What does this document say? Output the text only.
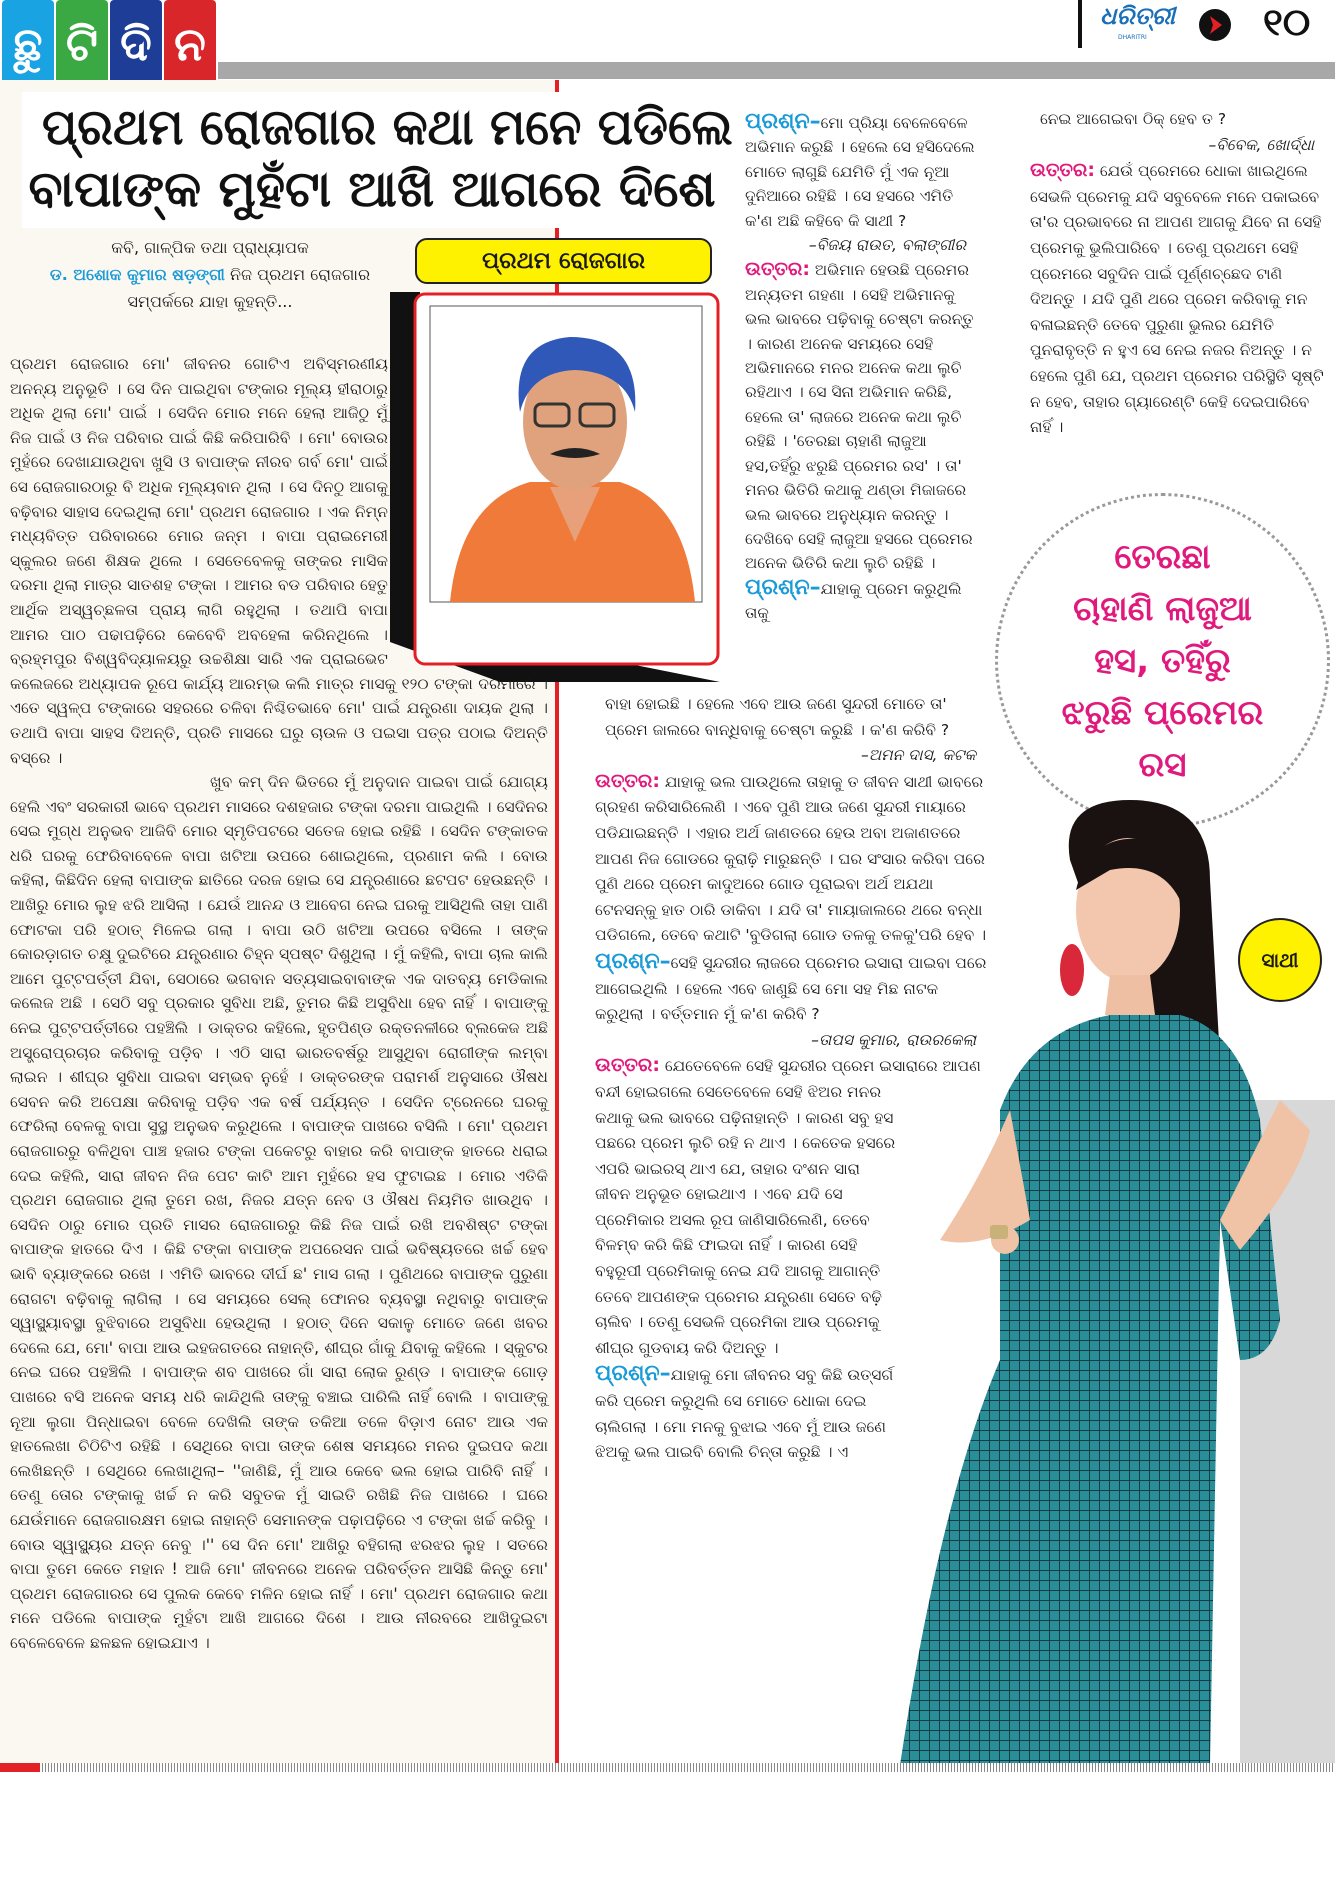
ଛୁ ଟି ଦି ନ
ଧରିତ୍ରୀ
DHARITRI	୧୦
ପ୍ରଥମ ରୋଜଗାର କଥା ମନେ ପଡିଲେ
ବାପାଙ୍କ ମୁହଁଟା ଆଖି ଆଗରେ ଦିଶେ
କବି, ଗାଳ୍ପିକ ତଥା ପ୍ରାଧ୍ୟାପକ
ଡ. ଅଶୋକ କୁମାର ଷଡ଼ଙ୍ଗୀ ନିଜ ପ୍ରଥମ ରୋଜଗାର ସମ୍ପର୍କରେ ଯାହା କୁହନ୍ତି...
ପ୍ରଥମ ରୋଜଗାର

ପ୍ରଥମ ରୋଜଗାର ମୋ' ଜୀବନର ଗୋଟିଏ ଅବିସ୍ମରଣୀୟ ଅନନ୍ୟ ଅନୁଭୂତି । ସେ ଦିନ ପାଇଥିବା ଟଙ୍କାର ମୂଲ୍ୟ ହୀରାଠାରୁ ଅଧିକ ଥିଲା ମୋ' ପାଇଁ । ସେଦିନ ମୋର ମନେ ହେଲା ଆଜିଠୁ ମୁଁ ନିଜ ପାଇଁ ଓ ନିଜ ପରିବାର ପାଇଁ କିଛି କରିପାରିବି । ମୋ' ବୋଉର ମୁହଁରେ ଦେଖାଯାଉଥିବା ଖୁସି ଓ ବାପାଙ୍କ ନୀରବ ଗର୍ବ ମୋ' ପାଇଁ ସେ ରୋଜଗାରଠାରୁ ବି ଅଧିକ ମୂଲ୍ୟବାନ ଥିଲା । ସେ ଦିନଠୁ ଆଗକୁ ବଢ଼ିବାର ସାହାସ ଦେଇଥିଲା ମୋ' ପ୍ରଥମ ରୋଜଗାର । ଏକ ନିମ୍ନ ମଧ୍ୟବିତ୍ତ ପରିବାରରେ ମୋର ଜନ୍ମ । ବାପା ପ୍ରାଇମେରୀ ସ୍କୁଲର ଜଣେ ଶିକ୍ଷକ ଥିଲେ । ସେତେବେଳକୁ ତାଙ୍କର ମାସିକ ଦରମା ଥିଲା ମାତ୍ର ସାତଶହ ଟଙ୍କା । ଆମର ବଡ ପରିବାର ହେତୁ ଆର୍ଥିକ ଅସ୍ୱଚ୍ଛଳତା ପ୍ରାୟ ଲାଗି ରହୁଥିଲା । ତଥାପି ବାପା ଆମର ପାଠ ପଢାପଢ଼ିରେ କେବେବି ଅବହେଳା କରିନଥିଲେ । ବ୍ରହ୍ମପୁର ବିଶ୍ୱବିଦ୍ୟାଳୟରୁ ଉଚ୍ଚଶିକ୍ଷା ସାରି ଏକ ପ୍ରାଇଭେଟ କଲେଜରେ ଅଧ୍ୟାପକ ରୂପେ କାର୍ଯ୍ୟ ଆରମ୍ଭ କଲି ମାତ୍ର ମାସକୁ ୧୨୦ ଟଙ୍କା ଦରମାରେ । ଏତେ ସ୍ୱଳ୍ପ ଟଙ୍କାରେ ସହରରେ ଚଳିବା ନିଶ୍ଚିତଭାବେ ମୋ' ପାଇଁ ଯନ୍ତ୍ରଣା ଦାୟକ ଥିଲା । ତଥାପି ବାପା ସାହସ ଦିଅନ୍ତି, ପ୍ରତି ମାସରେ ଘରୁ ଚାଉଳ ଓ ପଇସା ପତ୍ର ପଠାଇ ଦିଅନ୍ତି ବସ୍‌ରେ ।

ଖୁବ କମ୍ ଦିନ ଭିତରେ ମୁଁ ଅନୁଦାନ ପାଇବା ପାଇଁ ଯୋଗ୍ୟ ହେଲି ଏବଂ ସରକାରୀ ଭାବେ ପ୍ରଥମ ମାସରେ ଦଶହଜାର ଟଙ୍କା ଦରମା ପାଇଥିଲି । ସେଦିନର ସେଇ ମୁଗ୍ଧ ଅନୁଭବ ଆଜିବି ମୋର ସ୍ମୃତିପଟରେ ସତେଜ ହୋଇ ରହିଛି । ସେଦିନ ଟଙ୍କାତକ ଧରି ଘରକୁ ଫେରିବାବେଳେ ବାପା ଖଟିଆ ଉପରେ ଶୋଇଥିଲେ, ପ୍ରଣାମ କଲି । ବୋଉ କହିଲା, କିଛିଦିନ ହେଲା ବାପାଙ୍କ ଛାତିରେ ଦରଜ ହୋଇ ସେ ଯନ୍ତ୍ରଣାରେ ଛଟପଟ ହେଉଛନ୍ତି । ଆଖିରୁ ମୋର ଲୁହ ଝରି ଆସିଲା । ଯେଉଁ ଆନନ୍ଦ ଓ ଆବେଗ ନେଇ ଘରକୁ ଆସିଥିଲି ତାହା ପାଣି ଫୋଟକା ପରି ହଠାତ୍ ମିଳେଇ ଗଲା । ବାପା ଉଠି ଖଟିଆ ଉପରେ ବସିଲେ । ତାଙ୍କ କୋରଡ଼ାଗତ ଚକ୍ଷୁ ଦୁଇଟିରେ ଯନ୍ତ୍ରଣାର ଚିହ୍ନ ସ୍ପଷ୍ଟ ଦିଶୁଥିଲା । ମୁଁ କହିଲି, ବାପା ଚାଲ କାଲି ଆମେ ପୁଟ୍ଟପର୍ତ୍ତୀ ଯିବା, ସେଠାରେ ଭଗବାନ ସତ୍ୟସାଇବାବାଙ୍କ ଏକ ଦାତବ୍ୟ ମେଡିକାଲ କଲେଜ ଅଛି । ସେଠି ସବୁ ପ୍ରକାର ସୁବିଧା ଅଛି, ତୁମର କିଛି ଅସୁବିଧା ହେବ ନାହିଁ । ବାପାଙ୍କୁ ନେଇ ପୁଟ୍ଟପର୍ତ୍ତୀରେ ପହଞ୍ଚିଲି । ଡାକ୍ତର କହିଲେ, ହୃତପିଣ୍ଡ ରକ୍ତନଳୀରେ ବ୍ଲକେଜ ଅଛି ଅସ୍ତ୍ରୋପ୍ରଚାର କରିବାକୁ ପଡ଼ିବ । ଏଠି ସାରା ଭାରତବର୍ଷରୁ ଆସୁଥିବା ରୋଗୀଙ୍କ ଲମ୍ବା ଲାଇନ । ଶୀଘ୍ର ସୁବିଧା ପାଇବା ସମ୍ଭବ ନୁହେଁ । ଡାକ୍ତରଙ୍କ ପରାମର୍ଶ ଅନୁସାରେ ଔଷଧ ସେବନ କରି ଅପେକ୍ଷା କରିବାକୁ ପଡ଼ିବ ଏକ ବର୍ଷ ପର୍ଯ୍ୟନ୍ତ । ସେଦିନ ଟ୍ରେନରେ ଘରକୁ ଫେରିଲା ବେଳକୁ ବାପା ସୁସ୍ଥ ଅନୁଭବ କରୁଥିଲେ । ବାପାଙ୍କ ପାଖରେ ବସିଲି । ମୋ' ପ୍ରଥମ ରୋଜଗାରରୁ ବଳିଥିବା ପାଞ୍ଚ ହଜାର ଟଙ୍କା ପକେଟରୁ ବାହାର କରି ବାପାଙ୍କ ହାତରେ ଧରାଇ ଦେଇ କହିଲି, ସାରା ଜୀବନ ନିଜ ପେଟ କାଟି ଆମ ମୁହଁରେ ହସ ଫୁଟାଇଛ । ମୋର ଏତିକି ପ୍ରଥମ ରୋଜଗାର ଥିଲା ତୁମେ ରଖ, ନିଜର ଯତ୍ନ ନେବ ଓ ଔଷଧ ନିୟମିତ ଖାଉଥିବ । ସେଦିନ ଠାରୁ ମୋର ପ୍ରତି ମାସର ରୋଜଗାରରୁ କିଛି ନିଜ ପାଇଁ ରଖି ଅବଶିଷ୍ଟ ଟଙ୍କା ବାପାଙ୍କ ହାତରେ ଦିଏ । କିଛି ଟଙ୍କା ବାପାଙ୍କ ଅପରେସନ ପାଇଁ ଭବିଷ୍ୟତରେ ଖର୍ଚ୍ଚ ହେବ ଭାବି ବ୍ୟାଙ୍କରେ ରଖେ । ଏମିତି ଭାବରେ ଦୀର୍ଘ ଛ' ମାସ ଗଲା । ପୁଣିଥରେ ବାପାଙ୍କ ପୁରୁଣା ରୋଗଟା ବଢ଼ିବାକୁ ଲାଗିଲା । ସେ ସମୟରେ ସେଲ୍ ଫୋନର ବ୍ୟବସ୍ଥା ନଥିବାରୁ ବାପାଙ୍କ ସ୍ୱାସ୍ଥ୍ୟାବସ୍ଥା ବୁଝିବାରେ ଅସୁବିଧା ହେଉଥିଲା । ହଠାତ୍ ଦିନେ ସକାଳୁ ମୋତେ ଜଣେ ଖବର ଦେଲେ ଯେ, ମୋ' ବାପା ଆଉ ଇହଜଗତରେ ନାହାନ୍ତି, ଶୀଘ୍ର ଗାଁକୁ ଯିବାକୁ କହିଲେ । ସ୍କୁଟର ନେଇ ଘରେ ପହଞ୍ଚିଲି । ବାପାଙ୍କ ଶବ ପାଖରେ ଗାଁ ସାରା ଲୋକ ରୁଣ୍ଡ । ବାପାଙ୍କ ଗୋଡ଼ ପାଖରେ ବସି ଅନେକ ସମୟ ଧରି କାନ୍ଦିଥିଲି ତାଙ୍କୁ ବଞ୍ଚାଇ ପାରିଲି ନାହିଁ ବୋଲି । ବାପାଙ୍କୁ ନୂଆ ଲୁଗା ପିନ୍ଧାଇବା ବେଳେ ଦେଖିଲି ତାଙ୍କ ତକିଆ ତଳେ ବିଡ଼ାଏ ନୋଟ ଆଉ ଏକ ହାତଲେଖା ଚିଠିଟିଏ ରହିଛି । ସେଥିରେ ବାପା ତାଙ୍କ ଶେଷ ସମୟରେ ମନର ଦୁଇପଦ କଥା ଲେଖିଛନ୍ତି । ସେଥିରେ ଲେଖାଥିଲା– ''ଜାଣିଛି, ମୁଁ ଆଉ କେବେ ଭଲ ହୋଇ ପାରିବି ନାହିଁ । ତେଣୁ ତୋର ଟଙ୍କାକୁ ଖର୍ଚ୍ଚ ନ କରି ସବୁତକ ମୁଁ ସାଇତି ରଖିଛି ନିଜ ପାଖରେ । ଘରେ ଯେଉଁମାନେ ରୋଜଗାରକ୍ଷମ ହୋଇ ନାହାନ୍ତି ସେମାନଙ୍କ ପଢ଼ାପଢ଼ିରେ ଏ ଟଙ୍କା ଖର୍ଚ୍ଚ କରିବୁ । ବୋଉ ସ୍ୱାସ୍ଥ୍ୟର ଯତ୍ନ ନେବୁ ।'' ସେ ଦିନ ମୋ' ଆଖିରୁ ବହିଗଲା ଝରଝର ଲୁହ । ସତରେ ବାପା ତୁମେ କେତେ ମହାନ ! ଆଜି ମୋ' ଜୀବନରେ ଅନେକ ପରିବର୍ତ୍ତନ ଆସିଛି କିନ୍ତୁ ମୋ' ପ୍ରଥମ ରୋଜଗାରର ସେ ପୁଲକ କେବେ ମଳିନ ହୋଇ ନାହିଁ । ମୋ' ପ୍ରଥମ ରୋଜଗାର କଥା ମନେ ପଡିଲେ ବାପାଙ୍କ ମୁହଁଟା ଆଖି ଆଗରେ ଦିଶେ । ଆଉ ନୀରବରେ ଆଖିଦୁଇଟା ବେଳେବେଳେ ଛଳଛଳ ହୋଇଯାଏ ।

ପ୍ରଶ୍ନ–ମୋ ପ୍ରିୟା ବେଳେବେଳେ ଅଭିମାନ କରୁଛି । ହେଲେ ସେ ହସିଦେଲେ ମୋତେ ଲାଗୁଛି ଯେମିତି ମୁଁ ଏକ ନୂଆ ଦୁନିଆରେ ରହିଛି । ସେ ହସରେ ଏମିତି କ'ଣ ଅଛି କହିବେ କି ସାଥୀ ?
–ବିଜୟ ରାଉତ, ବଲାଙ୍ଗୀର
ଉତ୍ତର: ଅଭିମାନ ହେଉଛି ପ୍ରେମର ଅନ୍ୟତମ ଗହଣା । ସେହି ଅଭିମାନକୁ ଭଲ ଭାବରେ ପଢ଼ିବାକୁ ଚେଷ୍ଟା କରନ୍ତୁ । କାରଣ ଅନେକ ସମୟରେ ସେହି ଅଭିମାନରେ ମନର ଅନେକ କଥା ଲୁଚି ରହିଥାଏ । ସେ ସିନା ଅଭିମାନ କରିଛି, ହେଲେ ତା' ଲାଜରେ ଅନେକ କଥା ଲୁଚି ରହିଛି । 'ତେରଛା ଚାହାଣି ଲାଜୁଆ ହସ,ତହିଁରୁ ଝରୁଛି ପ୍ରେମର ରସ' । ତା' ମନର ଭିତିରି କଥାକୁ ଥଣ୍ଡା ମିଜାଜରେ ଭଲ ଭାବରେ ଅନୁଧ୍ୟାନ କରନ୍ତୁ । ଦେଖିବେ ସେହି ଲାଜୁଆ ହସରେ ପ୍ରେମର ଅନେକ ଭିତିରି କଥା ଲୁଚି ରହିଛି ।
ପ୍ରଶ୍ନ–ଯାହାକୁ ପ୍ରେମ କରୁଥିଲି ତାକୁ
ନେଇ ଆଗେଇବା ଠିକ୍ ହେବ ତ ?
–ବିବେକ, ଖୋର୍ଦ୍ଧା
ଉତ୍ତର: ଯେଉଁ ପ୍ରେମରେ ଧୋକା ଖାଇଥିଲେ ସେଭଳି ପ୍ରେମକୁ ଯଦି ସବୁବେଳେ ମନେ ପକାଇବେ ତା'ର ପ୍ରଭାବରେ ନା ଆପଣ ଆଗକୁ ଯିବେ ନା ସେହି ପ୍ରେମକୁ ଭୁଲିପାରିବେ । ତେଣୁ ପ୍ରଥମେ ସେହି ପ୍ରେମରେ ସବୁଦିନ ପାଇଁ ପୂର୍ଣ୍ଣଚ୍ଛେଦ ଟାଣି ଦିଅନ୍ତୁ । ଯଦି ପୁଣି ଥରେ ପ୍ରେମ କରିବାକୁ ମନ ବଳାଇଛନ୍ତି ତେବେ ପୁରୁଣା ଭୁଲର ଯେମିତି ପୁନରାବୃତ୍ତି ନ ହୁଏ ସେ ନେଇ ନଜର ନିଅନ୍ତୁ । ନ ହେଲେ ପୁଣି ଯେ, ପ୍ରଥମ ପ୍ରେମର ପରିସ୍ଥିତି ସୃଷ୍ଟି ନ ହେବ, ତାହାର ଗ୍ୟାରେଣ୍ଟି କେହି ଦେଇପାରିବେ ନାହିଁ ।
ତେରଛା
ଚାହାଣି ଲାଜୁଆ
ହସ, ତହିଁରୁ
ଝରୁଛି ପ୍ରେମର
ରସ
ସାଥୀ
ବାହା ହୋଇଛି । ହେଲେ ଏବେ ଆଉ ଜଣେ ସୁନ୍ଦରୀ ମୋତେ ତା' ପ୍ରେମ ଜାଲରେ ବାନ୍ଧିବାକୁ ଚେଷ୍ଟା କରୁଛି । କ'ଣ କରିବି ?
–ଅମନ ଦାସ, କଟକ
ଉତ୍ତର: ଯାହାକୁ ଭଲ ପାଉଥିଲେ ତାହାକୁ ତ ଜୀବନ ସାଥୀ ଭାବରେ ଗ୍ରହଣ କରିସାରିଲେଣି । ଏବେ ପୁଣି ଆଉ ଜଣେ ସୁନ୍ଦରୀ ମାୟାରେ ପଡିଯାଇଛନ୍ତି । ଏହାର ଅର୍ଥ ଜାଣତରେ ହେଉ ଅବା ଅଜାଣତରେ ଆପଣ ନିଜ ଗୋଡରେ କୁରାଢ଼ି ମାରୁଛନ୍ତି । ଘର ସଂସାର କରିବା ପରେ ପୁଣି ଥରେ ପ୍ରେମ କାଦୁଅରେ ଗୋଡ ପୂରାଇବା ଅର୍ଥ ଅଯଥା ଟେନସନ୍‌କୁ ହାତ ଠାରି ଡାକିବା । ଯଦି ତା' ମାୟାଜାଲରେ ଥରେ ବନ୍ଧା ପଡିଗଲେ, ତେବେ କଥାଟି 'ବୁଡିଗଲା ଗୋଡ ତଳକୁ ତଳକୁ'ପରି ହେବ ।
ପ୍ରଶ୍ନ–ସେହି ସୁନ୍ଦରୀର ଲାଜରେ ପ୍ରେମର ଇସାରା ପାଇବା ପରେ ଆଗେଇଥିଲି । ହେଲେ ଏବେ ଜାଣୁଛି ସେ ମୋ ସହ ମିଛ ନାଟକ କରୁଥିଲା । ବର୍ତ୍ତମାନ ମୁଁ କ'ଣ କରିବି ?
–ତାପସ କୁମାର, ରାଉରକେଲା
ଉତ୍ତର: ଯେତେବେଳେ ସେହି ସୁନ୍ଦରୀର ପ୍ରେମ ଇସାରାରେ ଆପଣ ବନ୍ଦୀ ହୋଇଗଲେ ସେତେବେଳେ ସେହି ଝିଅର ମନର କଥାକୁ ଭଲ ଭାବରେ ପଢ଼ିନାହାନ୍ତି । କାରଣ ସବୁ ହସ ପଛରେ ପ୍ରେମ ଲୁଚି ରହି ନ ଥାଏ । କେତେକ ହସରେ ଏପରି ଭାଇରସ୍ ଥାଏ ଯେ, ତାହାର ଦଂଶନ ସାରା ଜୀବନ ଅନୁଭୂତ ହୋଇଥାଏ । ଏବେ ଯଦି ସେ ପ୍ରେମିକାର ଅସଲ ରୂପ ଜାଣିସାରିଲେଣି, ତେବେ ବିଳମ୍ବ କରି କିଛି ଫାଇଦା ନାହିଁ । କାରଣ ସେହି ବହୁରୂପୀ ପ୍ରେମିକାକୁ ନେଇ ଯଦି ଆଗକୁ ଆଗାନ୍ତି ତେବେ ଆପଣଙ୍କ ପ୍ରେମର ଯନ୍ତ୍ରଣା ସେତେ ବଢ଼ି ଚାଲିବ । ତେଣୁ ସେଭଳି ପ୍ରେମିକା ଆଉ ପ୍ରେମକୁ ଶୀଘ୍ର ଗୁଡବାୟ କରି ଦିଅନ୍ତୁ ।
ପ୍ରଶ୍ନ–ଯାହାକୁ ମୋ ଜୀବନର ସବୁ କିଛି ଉତ୍ସର୍ଗ କରି ପ୍ରେମ କରୁଥିଲି ସେ ମୋତେ ଧୋକା ଦେଇ ଚାଲିଗଲା । ମୋ ମନକୁ ବୁଝାଇ ଏବେ ମୁଁ ଆଉ ଜଣେ ଝିଅକୁ ଭଲ ପାଇବି ବୋଲି ଚିନ୍ତା କରୁଛି । ଏ
